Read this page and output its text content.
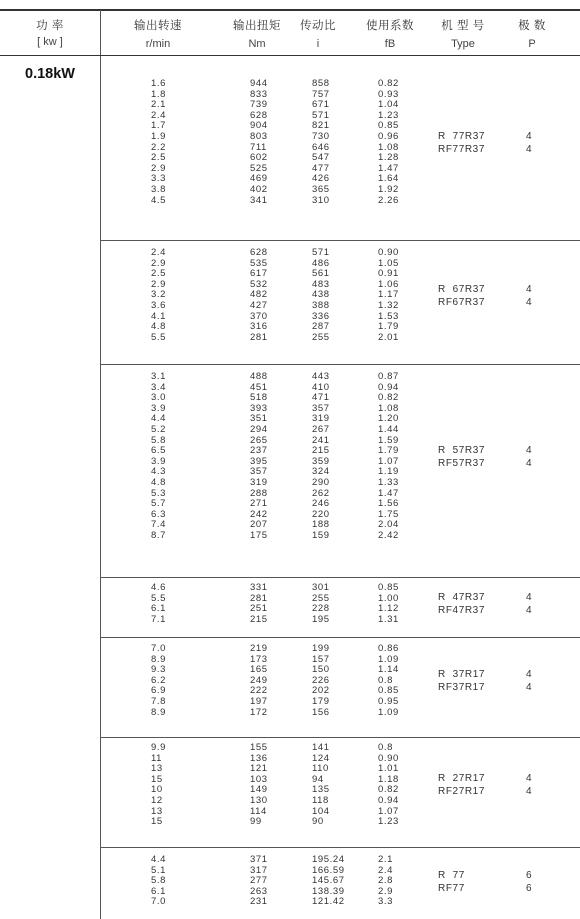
功 率
[ kw ]
输出转速
r/min
输出扭矩
Nm
传动比
i
使用系数
fB
机 型 号
Type
极 数
P
0.18kW
1.6
1.8
2.1
2.4
1.7
1.9
2.2
2.5
2.9
3.3
3.8
4.5
944
833
739
628
904
803
711
602
525
469
402
341
858
757
671
571
821
730
646
547
477
426
365
310
0.82
0.93
1.04
1.23
0.85
0.96
1.08
1.28
1.47
1.64
1.92
2.26
R  77R37
RF77R37
4
4
2.4
2.9
2.5
2.9
3.2
3.6
4.1
4.8
5.5
628
535
617
532
482
427
370
316
281
571
486
561
483
438
388
336
287
255
0.90
1.05
0.91
1.06
1.17
1.32
1.53
1.79
2.01
R  67R37
RF67R37
4
4
3.1
3.4
3.0
3.9
4.4
5.2
5.8
6.5
3.9
4.3
4.8
5.3
5.7
6.3
7.4
8.7
488
451
518
393
351
294
265
237
395
357
319
288
271
242
207
175
443
410
471
357
319
267
241
215
359
324
290
262
246
220
188
159
0.87
0.94
0.82
1.08
1.20
1.44
1.59
1.79
1.07
1.19
1.33
1.47
1.56
1.75
2.04
2.42
R  57R37
RF57R37
4
4
4.6
5.5
6.1
7.1
331
281
251
215
301
255
228
195
0.85
1.00
1.12
1.31
R  47R37
RF47R37
4
4
7.0
8.9
9.3
6.2
6.9
7.8
8.9
219
173
165
249
222
197
172
199
157
150
226
202
179
156
0.86
1.09
1.14
0.8
0.85
0.95
1.09
R  37R17
RF37R17
4
4
9.9
11
13
15
10
12
13
15
155
136
121
103
149
130
114
99
141
124
110
94
135
118
104
90
0.8
0.90
1.01
1.18
0.82
0.94
1.07
1.23
R  27R17
RF27R17
4
4
4.4
5.1
5.8
6.1
7.0
371
317
277
263
231
195.24
166.59
145.67
138.39
121.42
2.1
2.4
2.8
2.9
3.3
R  77
RF77
6
6
